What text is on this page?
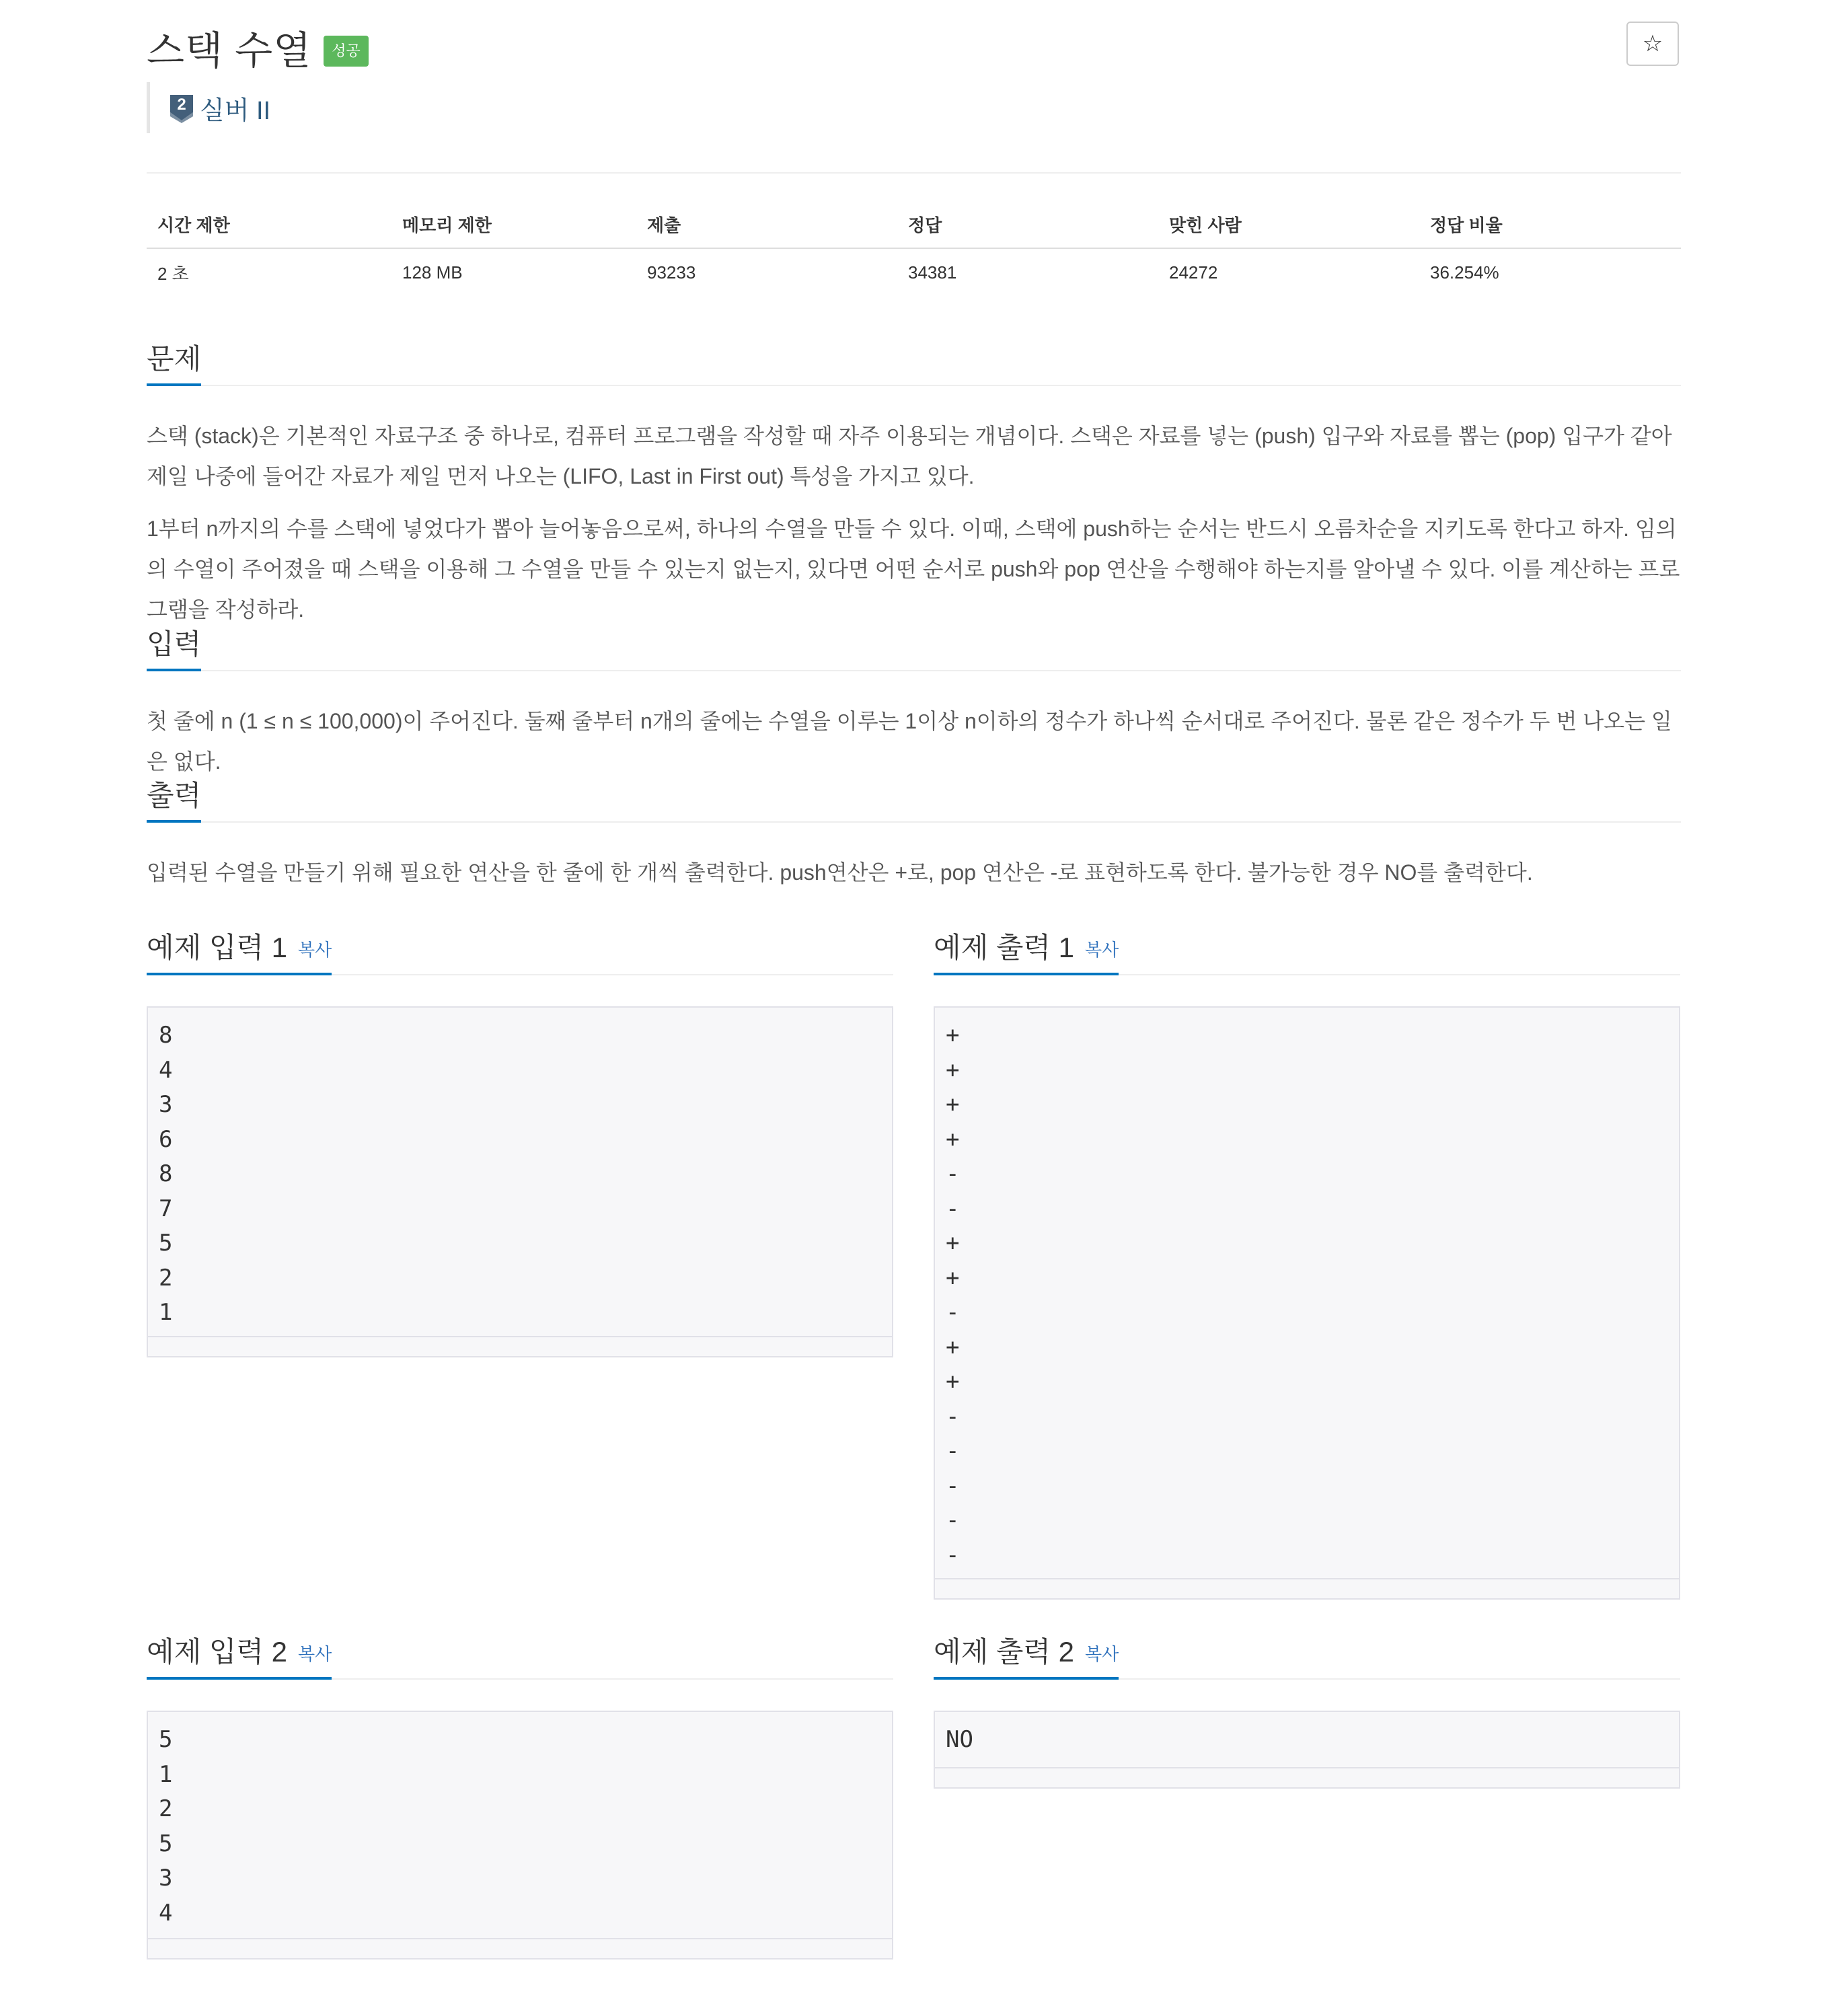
스택 수열	성공	☆
2 실버 II
시간 제한	메모리 제한	제출	정답	맞힌 사람	정답 비율
2 초	128 MB	93233	34381	24272	36.254%
문제
스택 (stack)은 기본적인 자료구조 중 하나로, 컴퓨터 프로그램을 작성할 때 자주 이용되는 개념이다. 스택은 자료를 넣는 (push) 입구와 자료를 뽑는 (pop) 입구가 같아 제일 나중에 들어간 자료가 제일 먼저 나오는 (LIFO, Last in First out) 특성을 가지고 있다.
1부터 n까지의 수를 스택에 넣었다가 뽑아 늘어놓음으로써, 하나의 수열을 만들 수 있다. 이때, 스택에 push하는 순서는 반드시 오름차순을 지키도록 한다고 하자. 임의의 수열이 주어졌을 때 스택을 이용해 그 수열을 만들 수 있는지 없는지, 있다면 어떤 순서로 push와 pop 연산을 수행해야 하는지를 알아낼 수 있다. 이를 계산하는 프로그램을 작성하라.
입력
첫 줄에 n (1 ≤ n ≤ 100,000)이 주어진다. 둘째 줄부터 n개의 줄에는 수열을 이루는 1이상 n이하의 정수가 하나씩 순서대로 주어진다. 물론 같은 정수가 두 번 나오는 일은 없다.
출력
입력된 수열을 만들기 위해 필요한 연산을 한 줄에 한 개씩 출력한다. push연산은 +로, pop 연산은 -로 표현하도록 한다. 불가능한 경우 NO를 출력한다.
예제 입력 1 복사
8
4
3
6
8
7
5
2
1
예제 출력 1 복사
+
+
+
+
-
-
+
+
-
+
+
-
-
-
-
-
예제 입력 2 복사
5
1
2
5
3
4
예제 출력 2 복사
NO
